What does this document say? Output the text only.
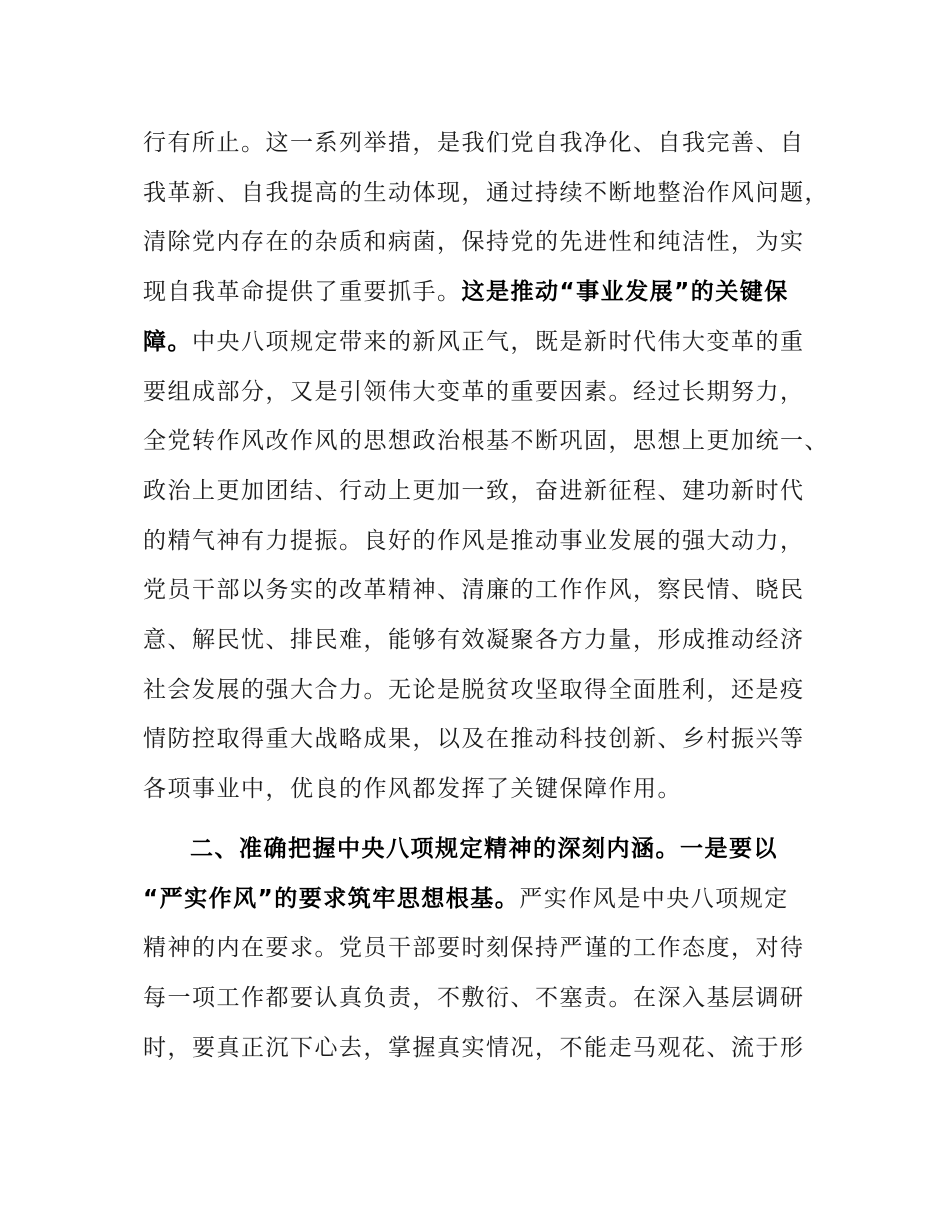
行有所止。这一系列举措，是我们党自我净化、自我完善、自
我革新、自我提高的生动体现，通过持续不断地整治作风问题，
清除党内存在的杂质和病菌，保持党的先进性和纯洁性，为实
现自我革命提供了重要抓手。这是推动“事业发展”的关键保
障。中央八项规定带来的新风正气，既是新时代伟大变革的重
要组成部分，又是引领伟大变革的重要因素。经过长期努力，
全党转作风改作风的思想政治根基不断巩固，思想上更加统一、
政治上更加团结、行动上更加一致，奋进新征程、建功新时代
的精气神有力提振。良好的作风是推动事业发展的强大动力，
党员干部以务实的改革精神、清廉的工作作风，察民情、晓民
意、解民忧、排民难，能够有效凝聚各方力量，形成推动经济
社会发展的强大合力。无论是脱贫攻坚取得全面胜利，还是疫
情防控取得重大战略成果，以及在推动科技创新、乡村振兴等
各项事业中，优良的作风都发挥了关键保障作用。
二、准确把握中央八项规定精神的深刻内涵。一是要以
“严实作风”的要求筑牢思想根基。严实作风是中央八项规定
精神的内在要求。党员干部要时刻保持严谨的工作态度，对待
每一项工作都要认真负责，不敷衍、不塞责。在深入基层调研
时，要真正沉下心去，掌握真实情况，不能走马观花、流于形
